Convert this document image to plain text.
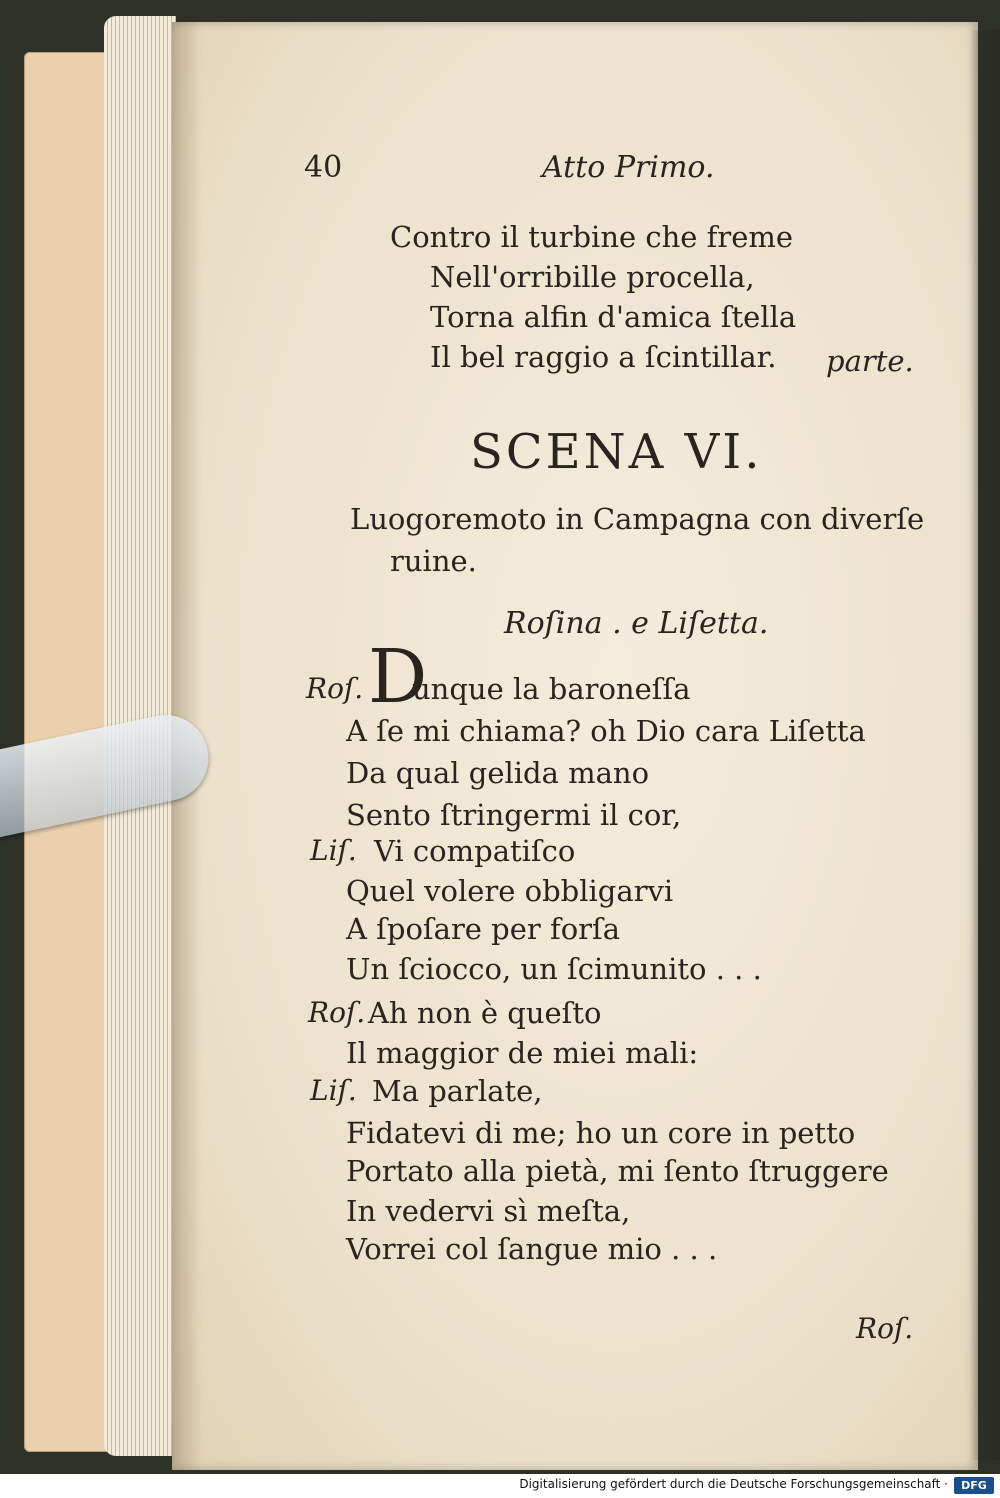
40	Atto Primo.
Contro il turbine che freme
Nell'orribille procella,
Torna alfin d'amica ſtella
Il bel raggio a ſcintillar. parte.
SCENA VI.
Luogoremoto in Campagna con diverſe
ruine.
Roſina . e Liſetta.
D
Roſ. unque la baroneſſa
A ſe mi chiama? oh Dio cara Liſetta
Da qual gelida mano
Sento ſtringermi il cor,
Liſ. Vi compatiſco
Quel volere obbligarvi
A ſpoſare per forſa
Un ſciocco, un ſcimunito . . .
Roſ. Ah non è queſto
Il maggior de miei mali:
Liſ. Ma parlate,
Fidatevi di me; ho un core in petto
Portato alla pietà, mi ſento ſtruggere
In vedervi sì meſta,
Vorrei col ſangue mio . . .
Roſ.
Digitalisierung gefördert durch die Deutsche Forschungsgemeinschaft ·	DFG
